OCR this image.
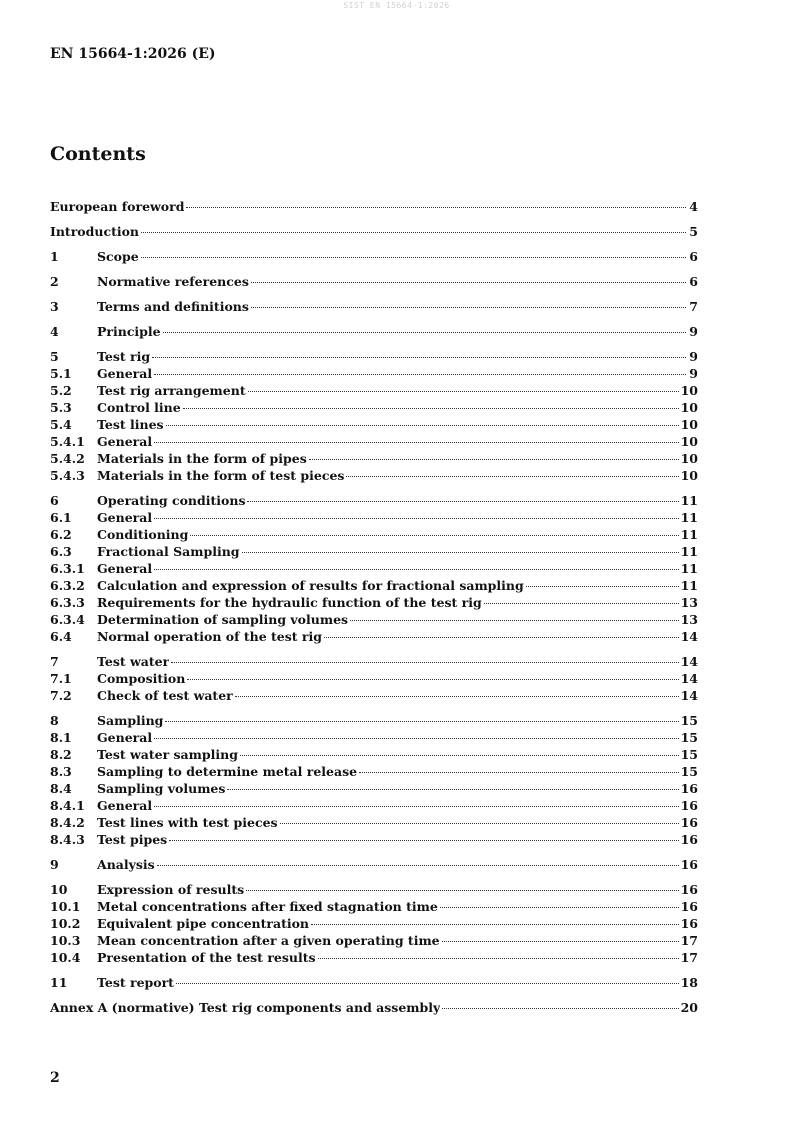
SIST EN 15664-1:2026
EN 15664-1:2026 (E)
Contents
European foreword	4
Introduction	5
1	Scope	6
2	Normative references	6
3	Terms and definitions	7
4	Principle	9
5	Test rig	9
5.1	General	9
5.2	Test rig arrangement	10
5.3	Control line	10
5.4	Test lines	10
5.4.1 General	10
5.4.2 Materials in the form of pipes	10
5.4.3 Materials in the form of test pieces	10
6	Operating conditions	11
6.1	General	11
6.2	Conditioning	11
6.3	Fractional Sampling	11
6.3.1 General	11
6.3.2 Calculation and expression of results for fractional sampling	11
6.3.3 Requirements for the hydraulic function of the test rig	13
6.3.4 Determination of sampling volumes	13
6.4	Normal operation of the test rig	14
7	Test water	14
7.1	Composition	14
7.2	Check of test water	14
8	Sampling	15
8.1	General	15
8.2	Test water sampling	15
8.3	Sampling to determine metal release	15
8.4	Sampling volumes	16
8.4.1 General	16
8.4.2 Test lines with test pieces	16
8.4.3 Test pipes	16
9	Analysis	16
10	Expression of results	16
10.1	Metal concentrations after fixed stagnation time	16
10.2	Equivalent pipe concentration	16
10.3	Mean concentration after a given operating time	17
10.4	Presentation of the test results	17
11	Test report	18
Annex A (normative) Test rig components and assembly	20
2
